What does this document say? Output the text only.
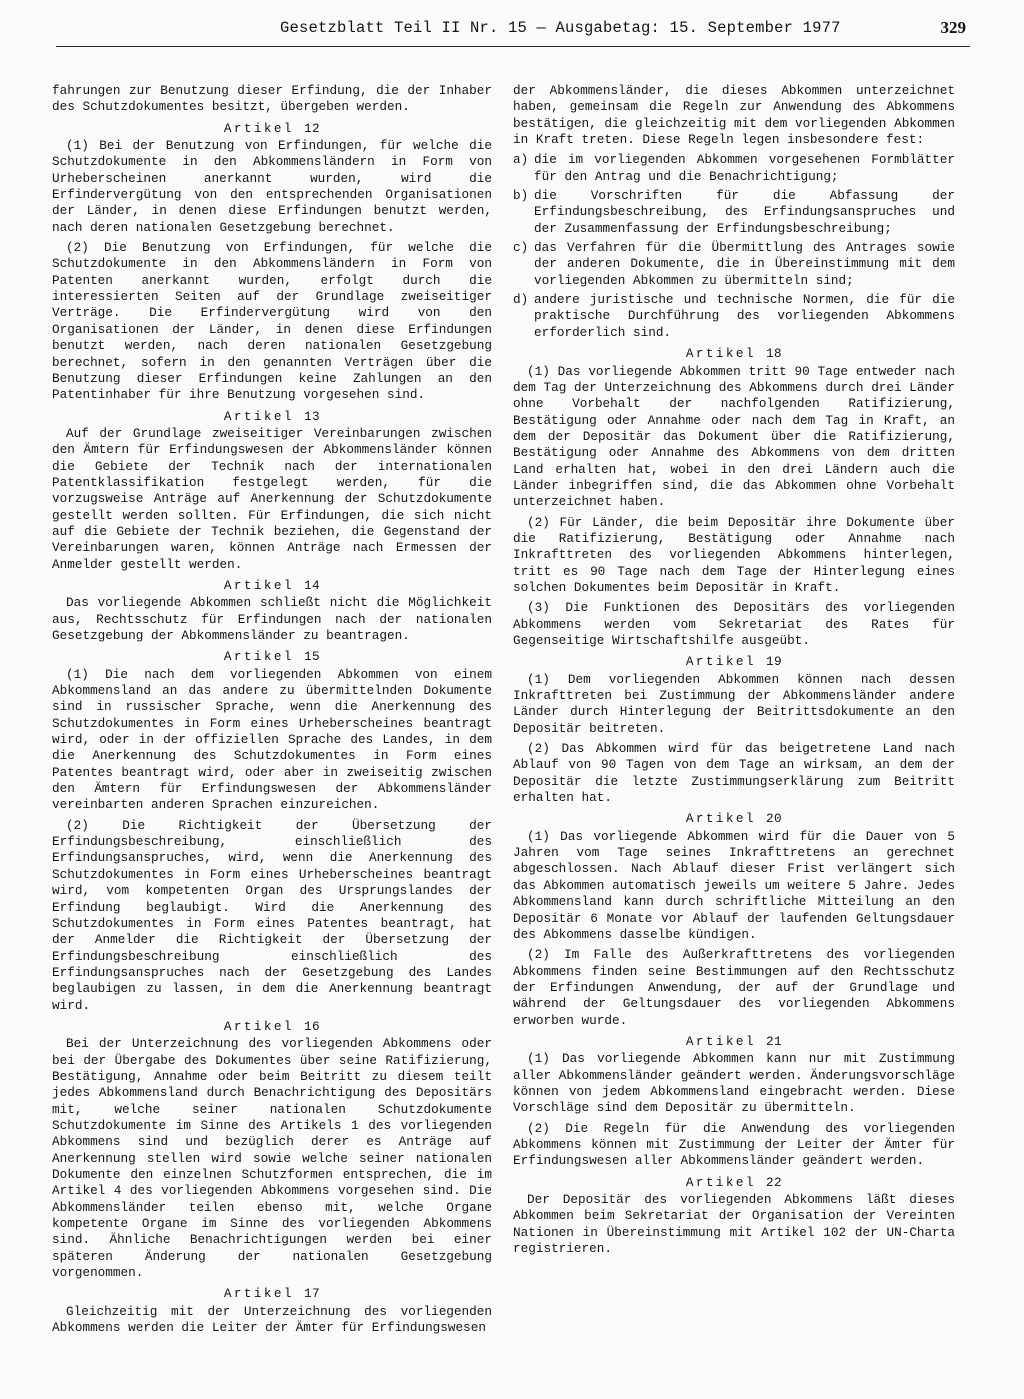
Gesetzblatt Teil II Nr. 15 — Ausgabetag: 15. September 1977	329

fahrungen zur Benutzung dieser Erfindung, die der Inhaber des Schutzdokumentes besitzt, übergeben werden.

Artikel 12

(1) Bei der Benutzung von Erfindungen, für welche die Schutzdokumente in den Abkommensländern in Form von Urheberscheinen anerkannt wurden, wird die Erfindervergütung von den entsprechenden Organisationen der Länder, in denen diese Erfindungen benutzt werden, nach deren nationalen Gesetzgebung berechnet.

(2) Die Benutzung von Erfindungen, für welche die Schutzdokumente in den Abkommensländern in Form von Patenten anerkannt wurden, erfolgt durch die interessierten Seiten auf der Grundlage zweiseitiger Verträge. Die Erfindervergütung wird von den Organisationen der Länder, in denen diese Erfindungen benutzt werden, nach deren nationalen Gesetzgebung berechnet, sofern in den genannten Verträgen über die Benutzung dieser Erfindungen keine Zahlungen an den Patentinhaber für ihre Benutzung vorgesehen sind.

Artikel 13

Auf der Grundlage zweiseitiger Vereinbarungen zwischen den Ämtern für Erfindungswesen der Abkommensländer können die Gebiete der Technik nach der internationalen Patentklassifikation festgelegt werden, für die vorzugsweise Anträge auf Anerkennung der Schutzdokumente gestellt werden sollten. Für Erfindungen, die sich nicht auf die Gebiete der Technik beziehen, die Gegenstand der Vereinbarungen waren, können Anträge nach Ermessen der Anmelder gestellt werden.

Artikel 14

Das vorliegende Abkommen schließt nicht die Möglichkeit aus, Rechtsschutz für Erfindungen nach der nationalen Gesetzgebung der Abkommensländer zu beantragen.

Artikel 15

(1) Die nach dem vorliegenden Abkommen von einem Abkommensland an das andere zu übermittelnden Dokumente sind in russischer Sprache, wenn die Anerkennung des Schutzdokumentes in Form eines Urheberscheines beantragt wird, oder in der offiziellen Sprache des Landes, in dem die Anerkennung des Schutzdokumentes in Form eines Patentes beantragt wird, oder aber in zweiseitig zwischen den Ämtern für Erfindungswesen der Abkommensländer vereinbarten anderen Sprachen einzureichen.

(2) Die Richtigkeit der Übersetzung der Erfindungsbeschreibung, einschließlich des Erfindungsanspruches, wird, wenn die Anerkennung des Schutzdokumentes in Form eines Urheberscheines beantragt wird, vom kompetenten Organ des Ursprungslandes der Erfindung beglaubigt. Wird die Anerkennung des Schutzdokumentes in Form eines Patentes beantragt, hat der Anmelder die Richtigkeit der Übersetzung der Erfindungsbeschreibung einschließlich des Erfindungsanspruches nach der Gesetzgebung des Landes beglaubigen zu lassen, in dem die Anerkennung beantragt wird.

Artikel 16

Bei der Unterzeichnung des vorliegenden Abkommens oder bei der Übergabe des Dokumentes über seine Ratifizierung, Bestätigung, Annahme oder beim Beitritt zu diesem teilt jedes Abkommensland durch Benachrichtigung des Depositärs mit, welche seiner nationalen Schutzdokumente Schutzdokumente im Sinne des Artikels 1 des vorliegenden Abkommens sind und bezüglich derer es Anträge auf Anerkennung stellen wird sowie welche seiner nationalen Dokumente den einzelnen Schutzformen entsprechen, die im Artikel 4 des vorliegenden Abkommens vorgesehen sind. Die Abkommensländer teilen ebenso mit, welche Organe kompetente Organe im Sinne des vorliegenden Abkommens sind. Ähnliche Benachrichtigungen werden bei einer späteren Änderung der nationalen Gesetzgebung vorgenommen.

Artikel 17

Gleichzeitig mit der Unterzeichnung des vorliegenden Abkommens werden die Leiter der Ämter für Erfindungswesen

der Abkommensländer, die dieses Abkommen unterzeichnet haben, gemeinsam die Regeln zur Anwendung des Abkommens bestätigen, die gleichzeitig mit dem vorliegenden Abkommen in Kraft treten. Diese Regeln legen insbesondere fest:

a) die im vorliegenden Abkommen vorgesehenen Formblätter für den Antrag und die Benachrichtigung;
b) die Vorschriften für die Abfassung der Erfindungsbeschreibung, des Erfindungsanspruches und der Zusammenfassung der Erfindungsbeschreibung;
c) das Verfahren für die Übermittlung des Antrages sowie der anderen Dokumente, die in Übereinstimmung mit dem vorliegenden Abkommen zu übermitteln sind;
d) andere juristische und technische Normen, die für die praktische Durchführung des vorliegenden Abkommens erforderlich sind.
Artikel 18

(1) Das vorliegende Abkommen tritt 90 Tage entweder nach dem Tag der Unterzeichnung des Abkommens durch drei Länder ohne Vorbehalt der nachfolgenden Ratifizierung, Bestätigung oder Annahme oder nach dem Tag in Kraft, an dem der Depositär das Dokument über die Ratifizierung, Bestätigung oder Annahme des Abkommens von dem dritten Land erhalten hat, wobei in den drei Ländern auch die Länder inbegriffen sind, die das Abkommen ohne Vorbehalt unterzeichnet haben.

(2) Für Länder, die beim Depositär ihre Dokumente über die Ratifizierung, Bestätigung oder Annahme nach Inkrafttreten des vorliegenden Abkommens hinterlegen, tritt es 90 Tage nach dem Tage der Hinterlegung eines solchen Dokumentes beim Depositär in Kraft.

(3) Die Funktionen des Depositärs des vorliegenden Abkommens werden vom Sekretariat des Rates für Gegenseitige Wirtschaftshilfe ausgeübt.

Artikel 19

(1) Dem vorliegenden Abkommen können nach dessen Inkrafttreten bei Zustimmung der Abkommensländer andere Länder durch Hinterlegung der Beitrittsdokumente an den Depositär beitreten.

(2) Das Abkommen wird für das beigetretene Land nach Ablauf von 90 Tagen von dem Tage an wirksam, an dem der Depositär die letzte Zustimmungserklärung zum Beitritt erhalten hat.

Artikel 20

(1) Das vorliegende Abkommen wird für die Dauer von 5 Jahren vom Tage seines Inkrafttretens an gerechnet abgeschlossen. Nach Ablauf dieser Frist verlängert sich das Abkommen automatisch jeweils um weitere 5 Jahre. Jedes Abkommensland kann durch schriftliche Mitteilung an den Depositär 6 Monate vor Ablauf der laufenden Geltungsdauer des Abkommens dasselbe kündigen.

(2) Im Falle des Außerkrafttretens des vorliegenden Abkommens finden seine Bestimmungen auf den Rechtsschutz der Erfindungen Anwendung, der auf der Grundlage und während der Geltungsdauer des vorliegenden Abkommens erworben wurde.

Artikel 21

(1) Das vorliegende Abkommen kann nur mit Zustimmung aller Abkommensländer geändert werden. Änderungsvorschläge können von jedem Abkommensland eingebracht werden. Diese Vorschläge sind dem Depositär zu übermitteln.

(2) Die Regeln für die Anwendung des vorliegenden Abkommens können mit Zustimmung der Leiter der Ämter für Erfindungswesen aller Abkommensländer geändert werden.

Artikel 22

Der Depositär des vorliegenden Abkommens läßt dieses Abkommen beim Sekretariat der Organisation der Vereinten Nationen in Übereinstimmung mit Artikel 102 der UN-Charta registrieren.
